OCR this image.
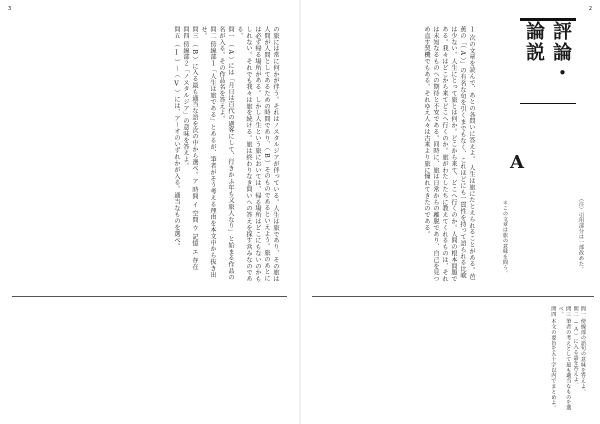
3	2
評論・論説
A
（注）引用部分は一部改めた。
＊この文章は旅の意味を問う。
１ 次の文章を読んで、あとの各問いに答えよ。 人生は旅にたとえられることがある。芭蕉の「（ A ）」の有名な句を引くまでもなく、これほどにも一貫性を持って語られる比喩は少ない。人生にとって旅とは何か。どこから来て、どこへ行くのか。人間の根本問題である。我々はどこから来てどこへ行くのか。旅がわたしたちに教えてくれるものは、それは未知なるものへの期待と不安である。同時に、旅は日常からの離脱であり、自己を見つめ直す契機でもある。それゆえ人々は古来より旅に憧れてきたのである。
問一 傍線部の語句の意味を答えよ。
問二 （ Ａ ）に入る語を答えよ。
問三 筆者の考えとして最も適当なものを選べ。
問四 本文の要旨を五十字以内でまとめよ。
の旅には常に何かが伴う。それはノスタルジアが伴っている。人生は旅であり、その旅は人間が人間としてあるための時間であり、（ B ）そのものであるといえよう。旅のあとには必ず帰る場所がある。しかし人生という旅においては、帰る場所はどこにもないのかもしれない。それでも我々は旅を続ける。旅は終わりなき問いへの答えを探す営みなのである。
問一 （ A ）には「月日は百代の過客にして、行きかふ年も又旅人なり」と始まる作品の名が入る。その作品名を答えよ。
問二 傍線部１「人生は旅である」とあるが、筆者がそう考える理由を本文中から抜き出せ。
問三 （ B ）に入る最も適当な語を次の中から選べ。ア 時間 イ 空間 ウ 記憶 エ 存在
問四 傍線部２「ノスタルジア」の意味を答えよ。
問五 （ Ⅰ ）～（ Ⅴ ）には、ア～オのいずれかが入る。適当なものを選べ。
